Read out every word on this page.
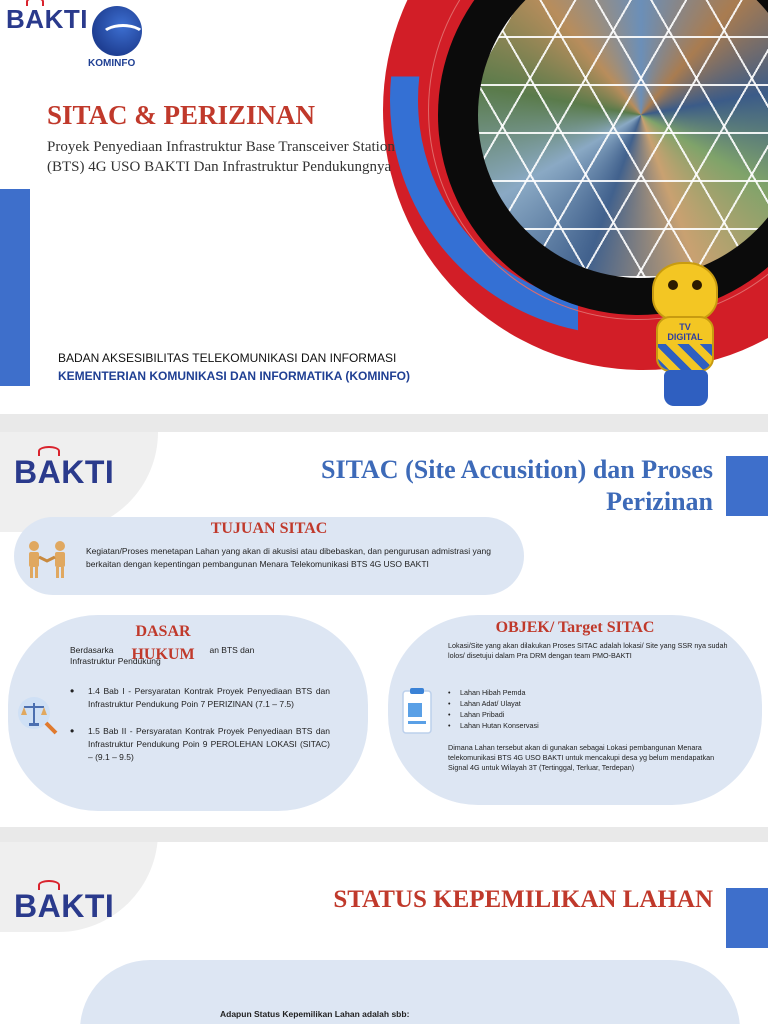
BA
KTI
KOMINFO
SITAC & PERIZINAN

Proyek Penyediaan Infrastruktur Base Transceiver Station (BTS) 4G USO BAKTI Dan Infrastruktur Pendukungnya

BADAN AKSESIBILITAS TELEKOMUNIKASI DAN INFORMASI
KEMENTERIAN KOMUNIKASI DAN INFORMATIKA (KOMINFO)
TV
DIGITAL
BA
KTI	SITAC (Site Accusition) dan Proses Perizinan
TUJUAN SITAC

Kegiatan/Proses menetapan Lahan yang akan di akusisi atau dibebaskan, dan pengurusan admistrasi yang berkaitan dengan kepentingan pembangunan Menara Telekomunikasi BTS 4G USO BAKTI

Berdasarka	an BTS dan
Infrastruktur Pendukung
DASAR
HUKUM
• 1.4 Bab I - Persyaratan Kontrak Proyek Penyediaan BTS dan Infrastruktur Pendukung Poin 7 PERIZINAN (7.1 – 7.5)
• 1.5 Bab II - Persyaratan Kontrak Proyek Penyediaan BTS dan Infrastruktur Pendukung Poin 9 PEROLEHAN LOKASI (SITAC) – (9.1 – 9.5)
OBJEK/ Target SITAC

Lokasi/Site yang akan dilakukan Proses SITAC adalah lokasi/ Site yang SSR nya sudah lolos/ disetujui dalam Pra DRM dengan team PMO-BAKTI

• Lahan Hibah Pemda
• Lahan Adat/ Ulayat
• Lahan Pribadi
• Lahan Hutan Konservasi

Dimana Lahan tersebut akan di gunakan sebagai Lokasi pembangunan Menara telekomunikasi BTS 4G USO BAKTI untuk mencakupi desa yg belum mendapatkan Signal 4G untuk Wilayah 3T (Tertinggal, Terluar, Terdepan)

BA
KTI	STATUS KEPEMILIKAN LAHAN
Adapun Status Kepemilikan Lahan adalah sbb:
